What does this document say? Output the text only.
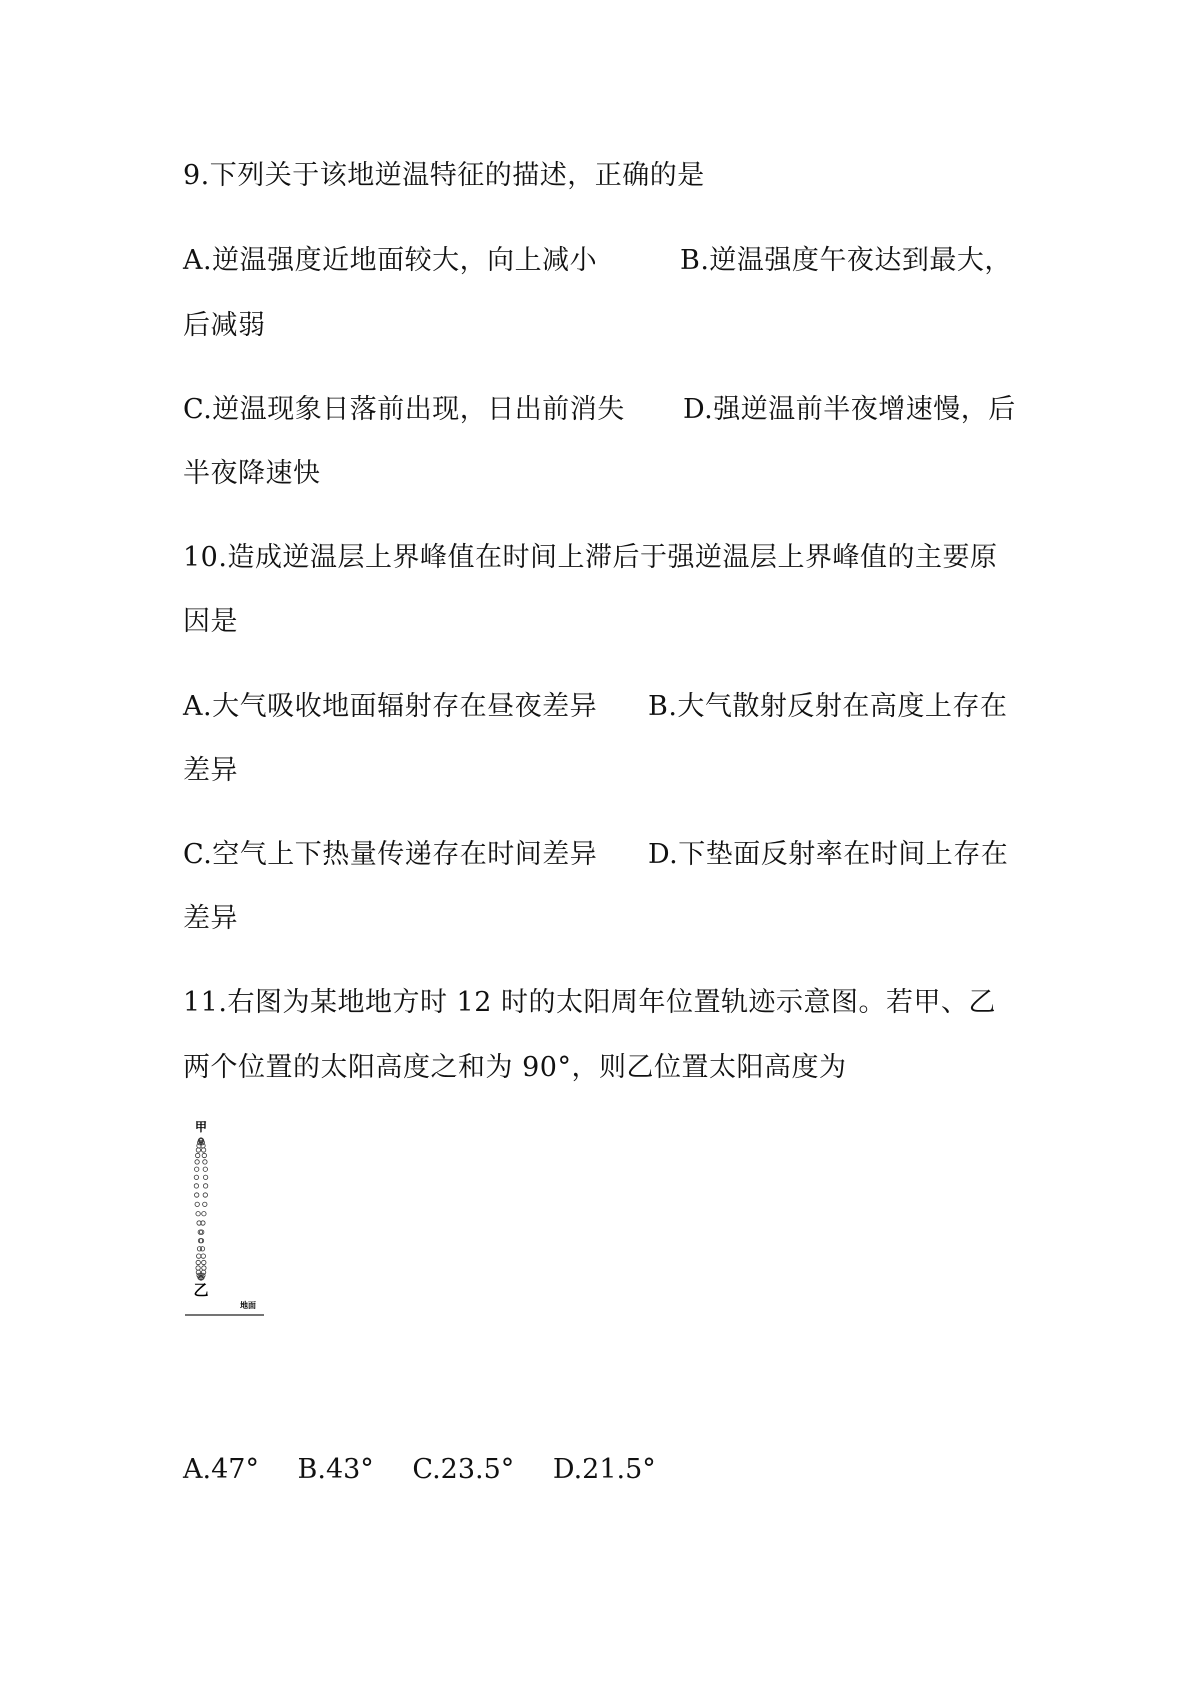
9.下列关于该地逆温特征的描述，正确的是
A.逆温强度近地面较大，向上减小	B.逆温强度午夜达到最大，
后减弱
C.逆温现象日落前出现，日出前消失 D.强逆温前半夜增速慢，后
半夜降速快
10.造成逆温层上界峰值在时间上滞后于强逆温层上界峰值的主要原
因是
A.大气吸收地面辐射存在昼夜差异 B.大气散射反射在高度上存在
差异
C.空气上下热量传递存在时间差异 D.下垫面反射率在时间上存在
差异
11.右图为某地地方时 12 时的太阳周年位置轨迹示意图。若甲、乙
两个位置的太阳高度之和为 90°，则乙位置太阳高度为
甲
乙
地面
A.47° B.43° C.23.5° D.21.5°
